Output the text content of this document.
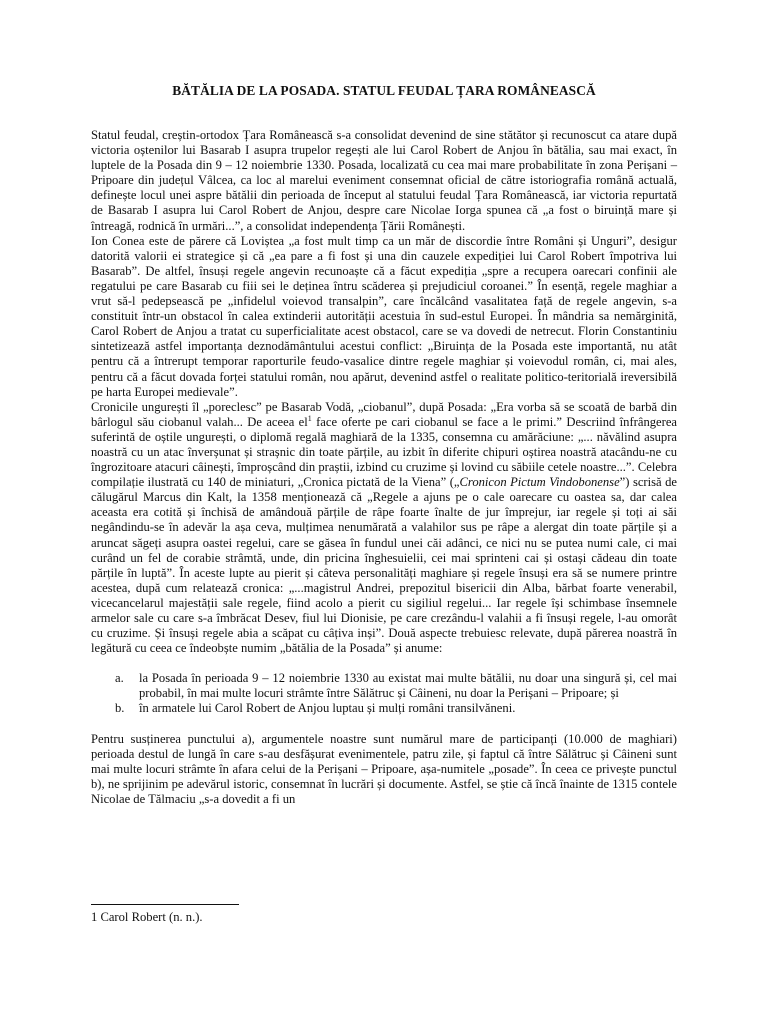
BĂTĂLIA DE LA POSADA. STATUL FEUDAL ȚARA ROMÂNEASCĂ

Statul feudal, creștin-ortodox Țara Românească s-a consolidat devenind de sine stătător și recunoscut ca atare după victoria oștenilor lui Basarab I asupra trupelor regești ale lui Carol Robert de Anjou în bătălia, sau mai exact, în luptele de la Posada din 9 – 12 noiembrie 1330. Posada, localizată cu cea mai mare probabilitate în zona Perișani – Pripoare din județul Vâlcea, ca loc al marelui eveniment consemnat oficial de către istoriografia română actuală, definește locul unei aspre bătălii din perioada de început al statului feudal Țara Românească, iar victoria repurtată de Basarab I asupra lui Carol Robert de Anjou, despre care Nicolae Iorga spunea că „a fost o biruință mare și întreagă, rodnică în urmări...”, a consolidat independența Țării Românești.

Ion Conea este de părere că Loviștea „a fost mult timp ca un măr de discordie între Români și Unguri”, desigur datorită valorii ei strategice și că „ea pare a fi fost și una din cauzele expediției lui Carol Robert împotriva lui Basarab”. De altfel, însuși regele angevin recunoaște că a făcut expediția „spre a recupera oarecari confinii ale regatului pe care Basarab cu fiii sei le deținea întru scăderea și prejudiciul coroanei.” În esență, regele maghiar a vrut să-l pedepsească pe „infidelul voievod transalpin”, care încălcând vasalitatea față de regele angevin, s-a constituit într-un obstacol în calea extinderii autorității acestuia în sud-estul Europei. În mândria sa nemărginită, Carol Robert de Anjou a tratat cu superficialitate acest obstacol, care se va dovedi de netrecut. Florin Constantiniu sintetizează astfel importanța deznodământului acestui conflict: „Biruința de la Posada este importantă, nu atât pentru că a întrerupt temporar raporturile feudo-vasalice dintre regele maghiar și voievodul român, ci, mai ales, pentru că a făcut dovada forței statului român, nou apărut, devenind astfel o realitate politico-teritorială ireversibilă pe harta Europei medievale”.

Cronicile ungurești îl „poreclesc” pe Basarab Vodă, „ciobanul”, după Posada: „Era vorba să se scoată de barbă din bârlogul său ciobanul valah... De aceea $el^1$ face oferte pe cari ciobanul se face a le primi.” Descriind înfrângerea suferintă de oștile ungurești, o diplomă regală maghiară de la 1335, consemna cu amărăciune: „... năvălind asupra noastră cu un atac înverșunat și strașnic din toate părțile, au izbit în diferite chipuri oștirea noastră atacându-ne cu îngrozitoare atacuri câinești, împroșcând din praștii, izbind cu cruzime și lovind cu săbiile cetele noastre...”. Celebra compilație ilustrată cu 140 de miniaturi, „Cronica pictată de la Viena” („Cronicon Pictum Vindobonense”) scrisă de călugărul Marcus din Kalt, la 1358 menționează că „Regele a ajuns pe o cale oarecare cu oastea sa, dar calea aceasta era cotită și închisă de amândouă părțile de râpe foarte înalte de jur împrejur, iar regele și toți ai săi negândindu-se în adevăr la așa ceva, mulțimea nenumărată a valahilor sus pe râpe a alergat din toate părțile și a aruncat săgeți asupra oastei regelui, care se găsea în fundul unei căi adânci, ce nici nu se putea numi cale, ci mai curând un fel de corabie strâmtă, unde, din pricina înghesuielii, cei mai sprinteni cai și ostași cădeau din toate părțile în luptă”. În aceste lupte au pierit și câteva personalități maghiare și regele însuși era să se numere printre acestea, după cum relatează cronica: „...magistrul Andrei, prepozitul bisericii din Alba, bărbat foarte venerabil, vicecancelarul majestății sale regele, fiind acolo a pierit cu sigiliul regelui... Iar regele își schimbase însemnele armelor sale cu care s-a îmbrăcat Desev, fiul lui Dionisie, pe care crezându-l valahii a fi însuși regele, l-au omorât cu cruzime. Și însuși regele abia a scăpat cu câțiva inși”. Două aspecte trebuiesc relevate, după părerea noastră în legătură cu ceea ce îndeobște numim „bătălia de la Posada” și anume:

a. la Posada în perioada 9 – 12 noiembrie 1330 au existat mai multe bătălii, nu doar una singură și, cel mai probabil, în mai multe locuri strâmte între Sălătruc și Câineni, nu doar la Perișani – Pripoare; și
b. în armatele lui Carol Robert de Anjou luptau și mulți români transilvăneni.

Pentru susținerea punctului a), argumentele noastre sunt numărul mare de participanți (10.000 de maghiari) perioada destul de lungă în care s-au desfășurat evenimentele, patru zile, și faptul că între Sălătruc și Câineni sunt mai multe locuri strâmte în afara celui de la Perișani – Pripoare, așa-numitele „posade”. În ceea ce privește punctul b), ne sprijinim pe adevărul istoric, consemnat în lucrări și documente. Astfel, se știe că încă înainte de 1315 contele Nicolae de Tălmaciu „s-a dovedit a fi un

1 Carol Robert (n. n.).
